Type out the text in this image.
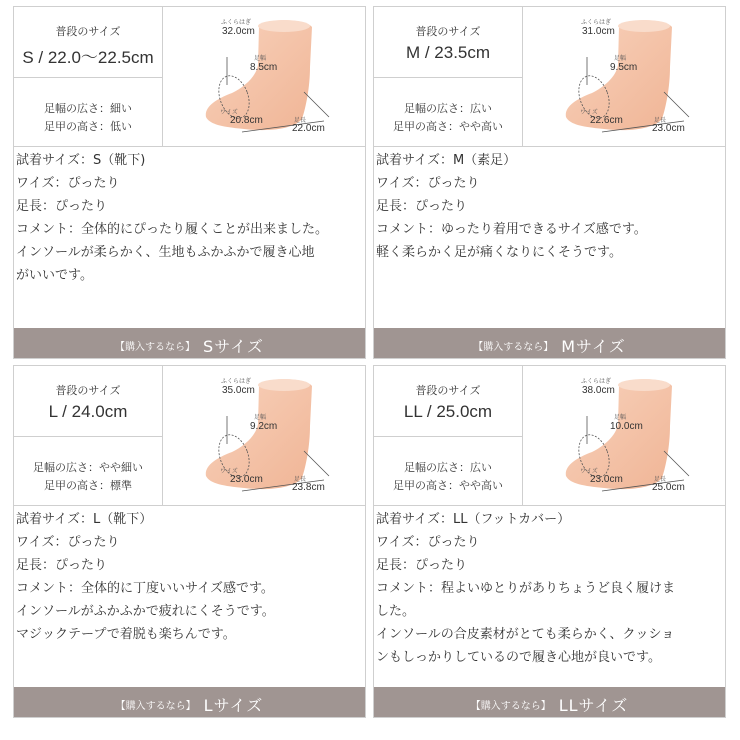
普段のサイズ
S / 22.0〜22.5cm
足幅の広さ：細い
足甲の高さ：低い
ふくらはぎ
32.0cm
足幅
8.5cm
ワイズ
20.8cm	足長
22.0cm
試着サイズ：S（靴下)
ワイズ：ぴったり
足長：ぴったり
コメント：全体的にぴったり履くことが出来ました。
インソールが柔らかく、生地もふかふかで履き心地
がいいです。
【購入するなら】 Sサイズ
普段のサイズ
M / 23.5cm
足幅の広さ：広い
足甲の高さ：やや高い
ふくらはぎ
31.0cm
足幅
9.5cm
ワイズ
22.6cm	足長
23.0cm
試着サイズ：M（素足）
ワイズ：ぴったり
足長：ぴったり
コメント：ゆったり着用できるサイズ感です。
軽く柔らかく足が痛くなりにくそうです。
【購入するなら】 Mサイズ
普段のサイズ
L / 24.0cm
足幅の広さ：やや細い
足甲の高さ：標準
ふくらはぎ
35.0cm
足幅
9.2cm
ワイズ
23.0cm	足長
23.8cm
試着サイズ：L（靴下）
ワイズ：ぴったり
足長：ぴったり
コメント：全体的に丁度いいサイズ感です。
インソールがふかふかで疲れにくそうです。
マジックテープで着脱も楽ちんです。
【購入するなら】 Lサイズ
普段のサイズ
LL / 25.0cm
足幅の広さ：広い
足甲の高さ：やや高い
ふくらはぎ
38.0cm
足幅
10.0cm
ワイズ
23.0cm	足長
25.0cm
試着サイズ：LL（フットカバー）
ワイズ：ぴったり
足長：ぴったり
コメント：程よいゆとりがありちょうど良く履けま
した。
インソールの合皮素材がとても柔らかく、クッショ
ンもしっかりしているので履き心地が良いです。
【購入するなら】 LLサイズ
